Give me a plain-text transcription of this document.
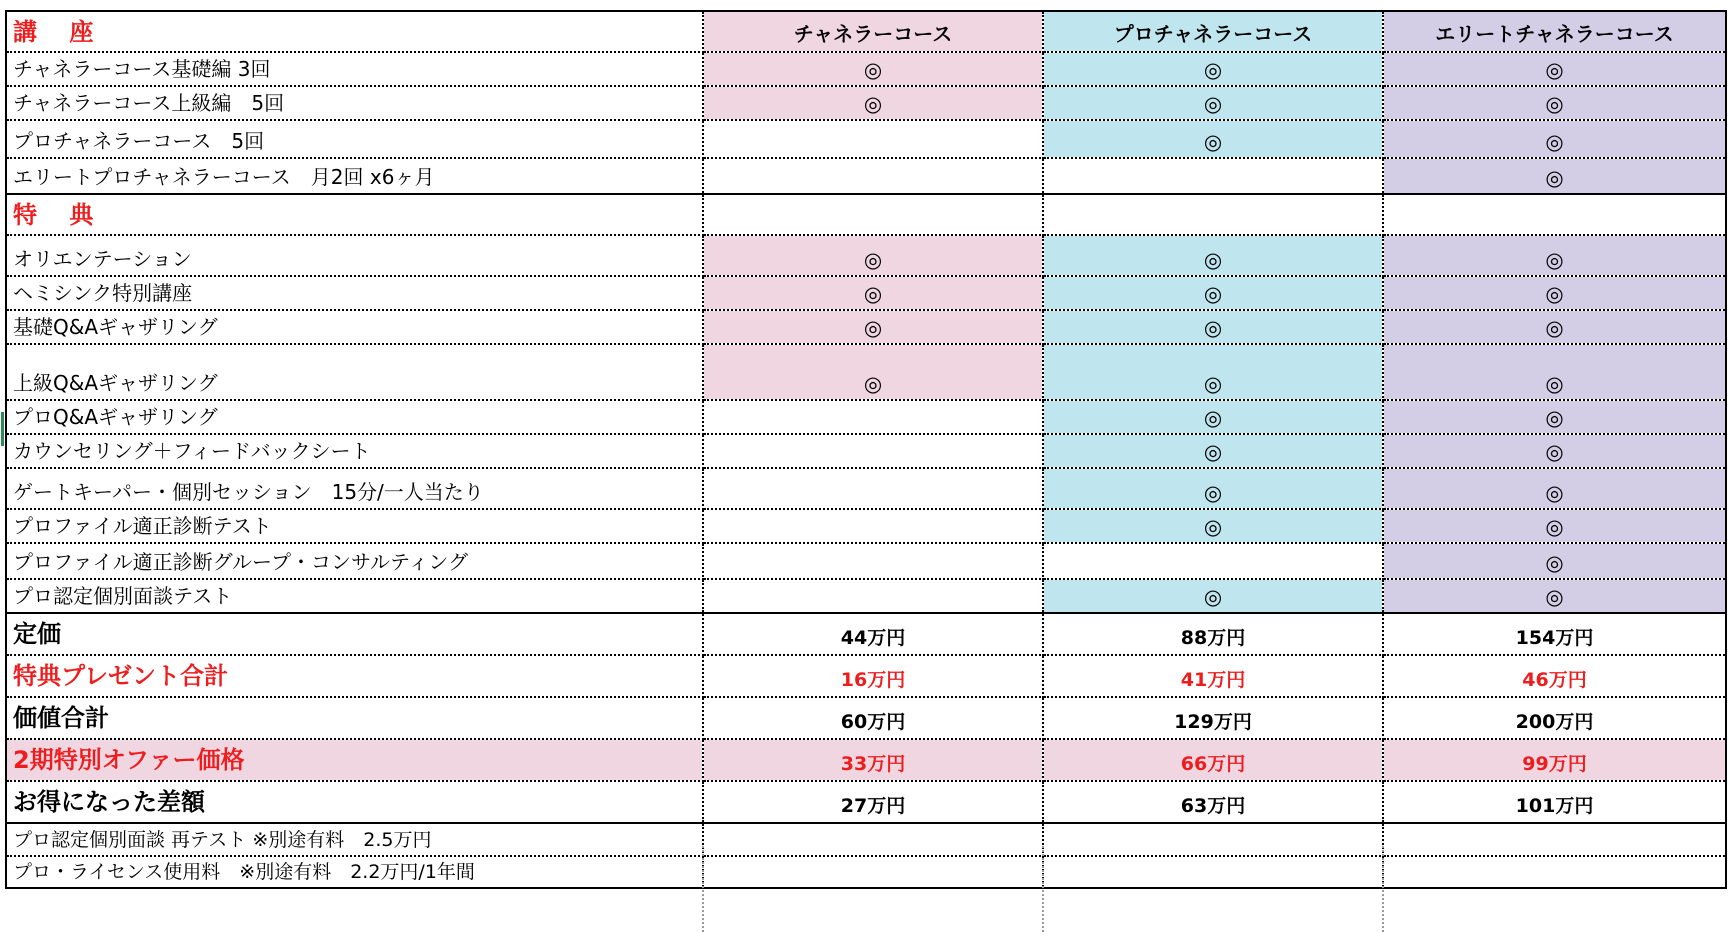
講 座	チャネラーコース	プロチャネラーコース	エリートチャネラーコース
チャネラーコース基礎編 3回	◎	◎	◎
チャネラーコース上級編　5回	◎	◎	◎
プロチャネラーコース　5回		◎	◎
エリートプロチャネラーコース　月2回 x6ヶ月			◎
特 典			
オリエンテーション	◎	◎	◎
ヘミシンク特別講座	◎	◎	◎
基礎Q&Aギャザリング	◎	◎	◎
上級Q&Aギャザリング	◎	◎	◎
プロQ&Aギャザリング		◎	◎
カウンセリング＋フィードバックシート		◎	◎
ゲートキーパー・個別セッション　15分/一人当たり		◎	◎
プロファイル適正診断テスト		◎	◎
プロファイル適正診断グループ・コンサルティング			◎
プロ認定個別面談テスト		◎	◎
定価	44万円	88万円	154万円
特典プレゼント合計	16万円	41万円	46万円
価値合計	60万円	129万円	200万円
2期特別オファー価格	33万円	66万円	99万円
お得になった差額	27万円	63万円	101万円
プロ認定個別面談 再テスト ※別途有料　2.5万円			
プロ・ライセンス使用料　※別途有料　2.2万円/1年間			
